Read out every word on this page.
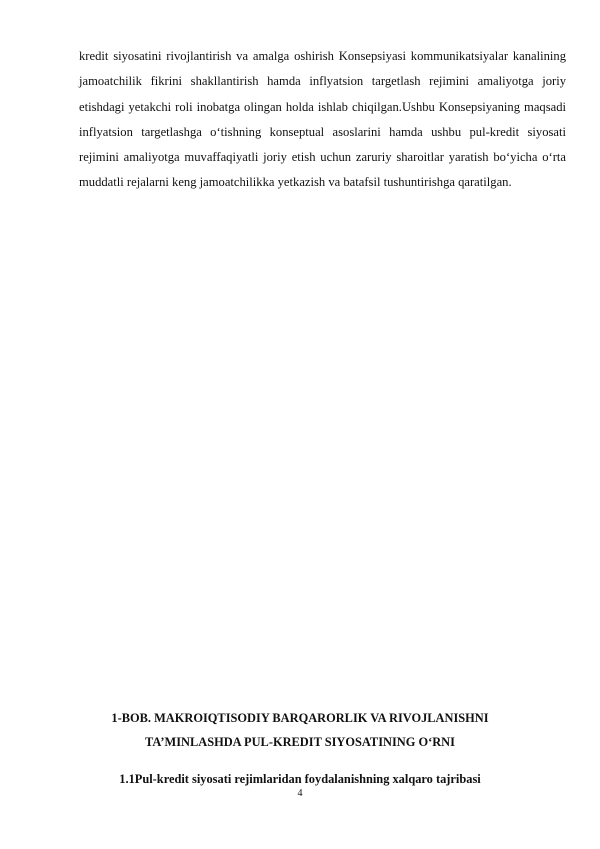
kredit siyosatini rivojlantirish va amalga oshirish Konsepsiyasi kommunikatsiyalar kanalining jamoatchilik fikrini shakllantirish hamda inflyatsion targetlash rejimini amaliyotga joriy etishdagi yetakchi roli inobatga olingan holda ishlab chiqilgan.Ushbu Konsepsiyaning maqsadi inflyatsion targetlashga o‘tishning konseptual asoslarini hamda ushbu pul-kredit siyosati rejimini amaliyotga muvaffaqiyatli joriy etish uchun zaruriy sharoitlar yaratish bo‘yicha o‘rta muddatli rejalarni keng jamoatchilikka yetkazish va batafsil tushuntirishga qaratilgan.

1-BOB. MAKROIQTISODIY BARQARORLIK VA RIVOJLANISHNI
TA’MINLASHDA PUL-KREDIT SIYOSATINING O‘RNI
1.1Pul-kredit siyosati rejimlaridan foydalanishning xalqaro tajribasi
4
